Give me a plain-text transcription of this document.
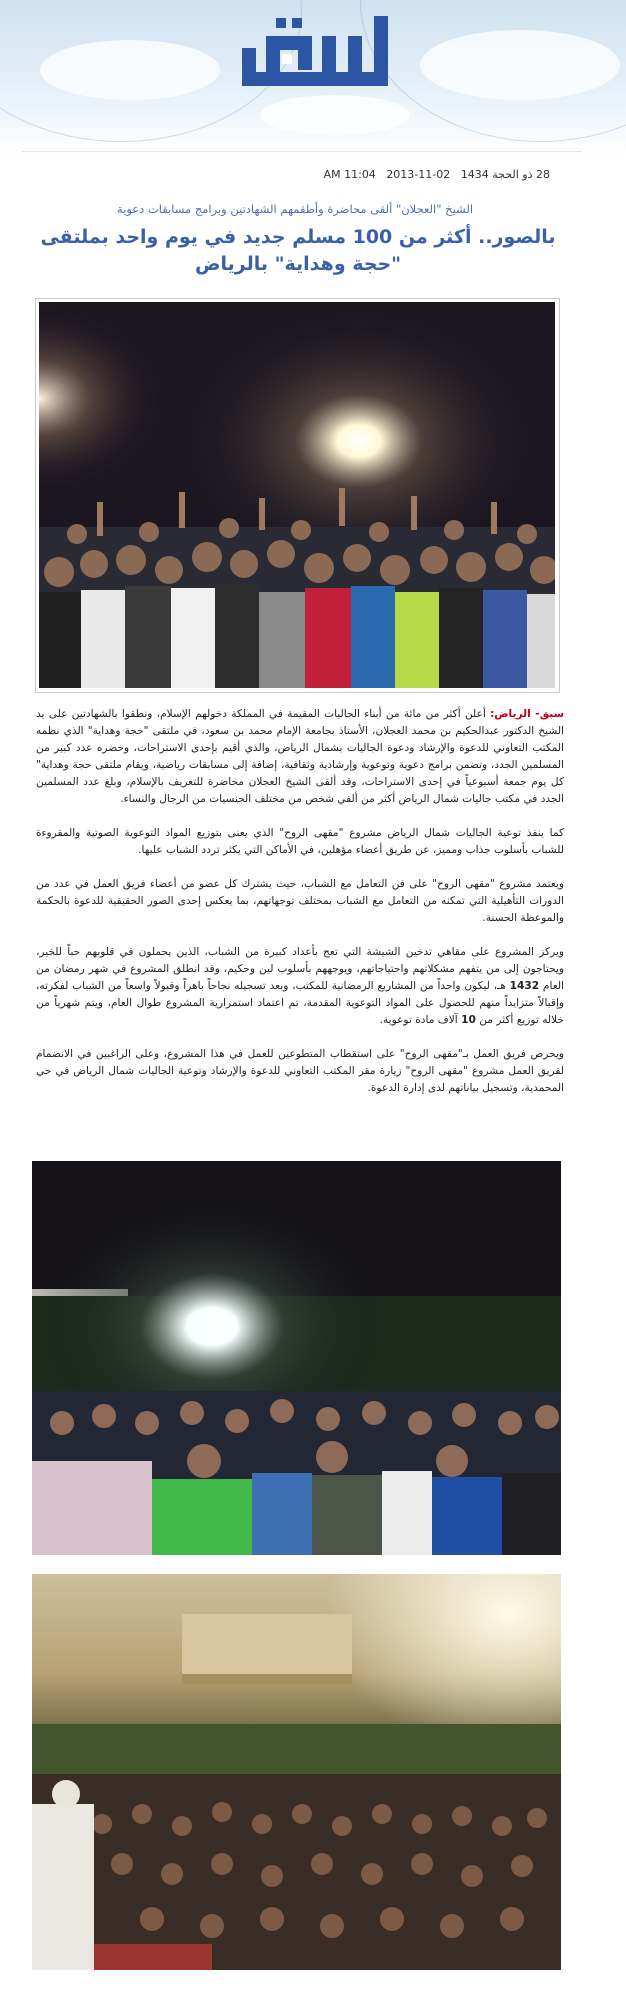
28 ذو الحجة 1434   02-11-2013   11:04 AM
الشيخ "العجلان" ألقى محاضرة وأطقمهم الشهادتين وبرامج مسابقات دعوية
بالصور.. أكثر من 100 مسلم جديد في يوم واحد بملتقى "حجة وهداية" بالرياض

سبق- الرياض: أعلن أكثر من مائة من أبناء الجاليات المقيمة في المملكة دخولهم الإسلام، ونطقوا بالشهادتين على يد الشيخ الدكتور عبدالحكيم بن محمد العجلان، الأستاذ بجامعة الإمام محمد بن سعود، في ملتقى "حجة وهداية" الذي نظمه المكتب التعاوني للدعوة والإرشاد ودعوة الجاليات بشمال الرياض، والذي أقيم بإحدى الاستراحات، وحضره عدد كبير من المسلمين الجدد، وتضمن برامج دعوية وتوعوية وإرشادية وثقافية، إضافة إلى مسابقات رياضية، ويقام ملتقى حجة وهداية" كل يوم جمعة أسبوعياً في إحدى الاستراحات، وقد ألقى الشيخ العجلان محاضرة للتعريف بالإسلام، وبلغ عدد المسلمين الجدد في مكتب جاليات شمال الرياض أكثر من ألفي شخص من مختلف الجنسيات من الرجال والنساء.

كما ينفذ توعية الجاليات شمال الرياض مشروع "مقهى الروح" الذي يعنى بتوزيع المواد التوعوية الصوتية والمقروءة للشباب بأسلوب جذاب ومميز، عن طريق أعضاء مؤهلين، في الأماكن التي يكثر تردد الشباب عليها.

ويعتمد مشروع "مقهى الروح" على فن التعامل مع الشباب، حيث يشترك كل عضو من أعضاء فريق العمل في عدد من الدورات التأهيلية التي تمكنه من التعامل مع الشباب بمختلف توجهاتهم، بما يعكس إحدى الصور الحقيقية للدعوة بالحكمة والموعظة الحسنة.

ويركز المشروع على مقاهي تدخين الشيشة التي تعج بأعداد كبيرة من الشباب، الذين يحملون في قلوبهم حباً للخير، ويحتاجون إلى من يتفهم مشكلاتهم واحتياجاتهم، ويوجههم بأسلوب لين وحكيم، وقد انطلق المشروع في شهر رمضان من العام 1432 هـ، ليكون واحداً من المشاريع الرمضانية للمكتب، وبعد تسجيله نجاحاً باهراً وقبولاً واسعاً من الشباب لفكرته، وإقبالاً متزايداً منهم للحصول على المواد التوعوية المقدمة، تم اعتماد استمرارية المشروع طوال العام، ويتم شهرياً من خلاله توزيع أكثر من 10 آلاف مادة توعوية.

ويحرص فريق العمل بـ"مقهى الروح" على استقطاب المتطوعين للعمل في هذا المشروع، وعلى الراغبين في الانضمام لفريق العمل مشروع "مقهى الروح" زيارة مقر المكتب التعاوني للدعوة والإرشاد وتوعية الجاليات شمال الرياض في حي المحمدية، وتسجيل بياناتهم لدى إدارة الدعوة.
